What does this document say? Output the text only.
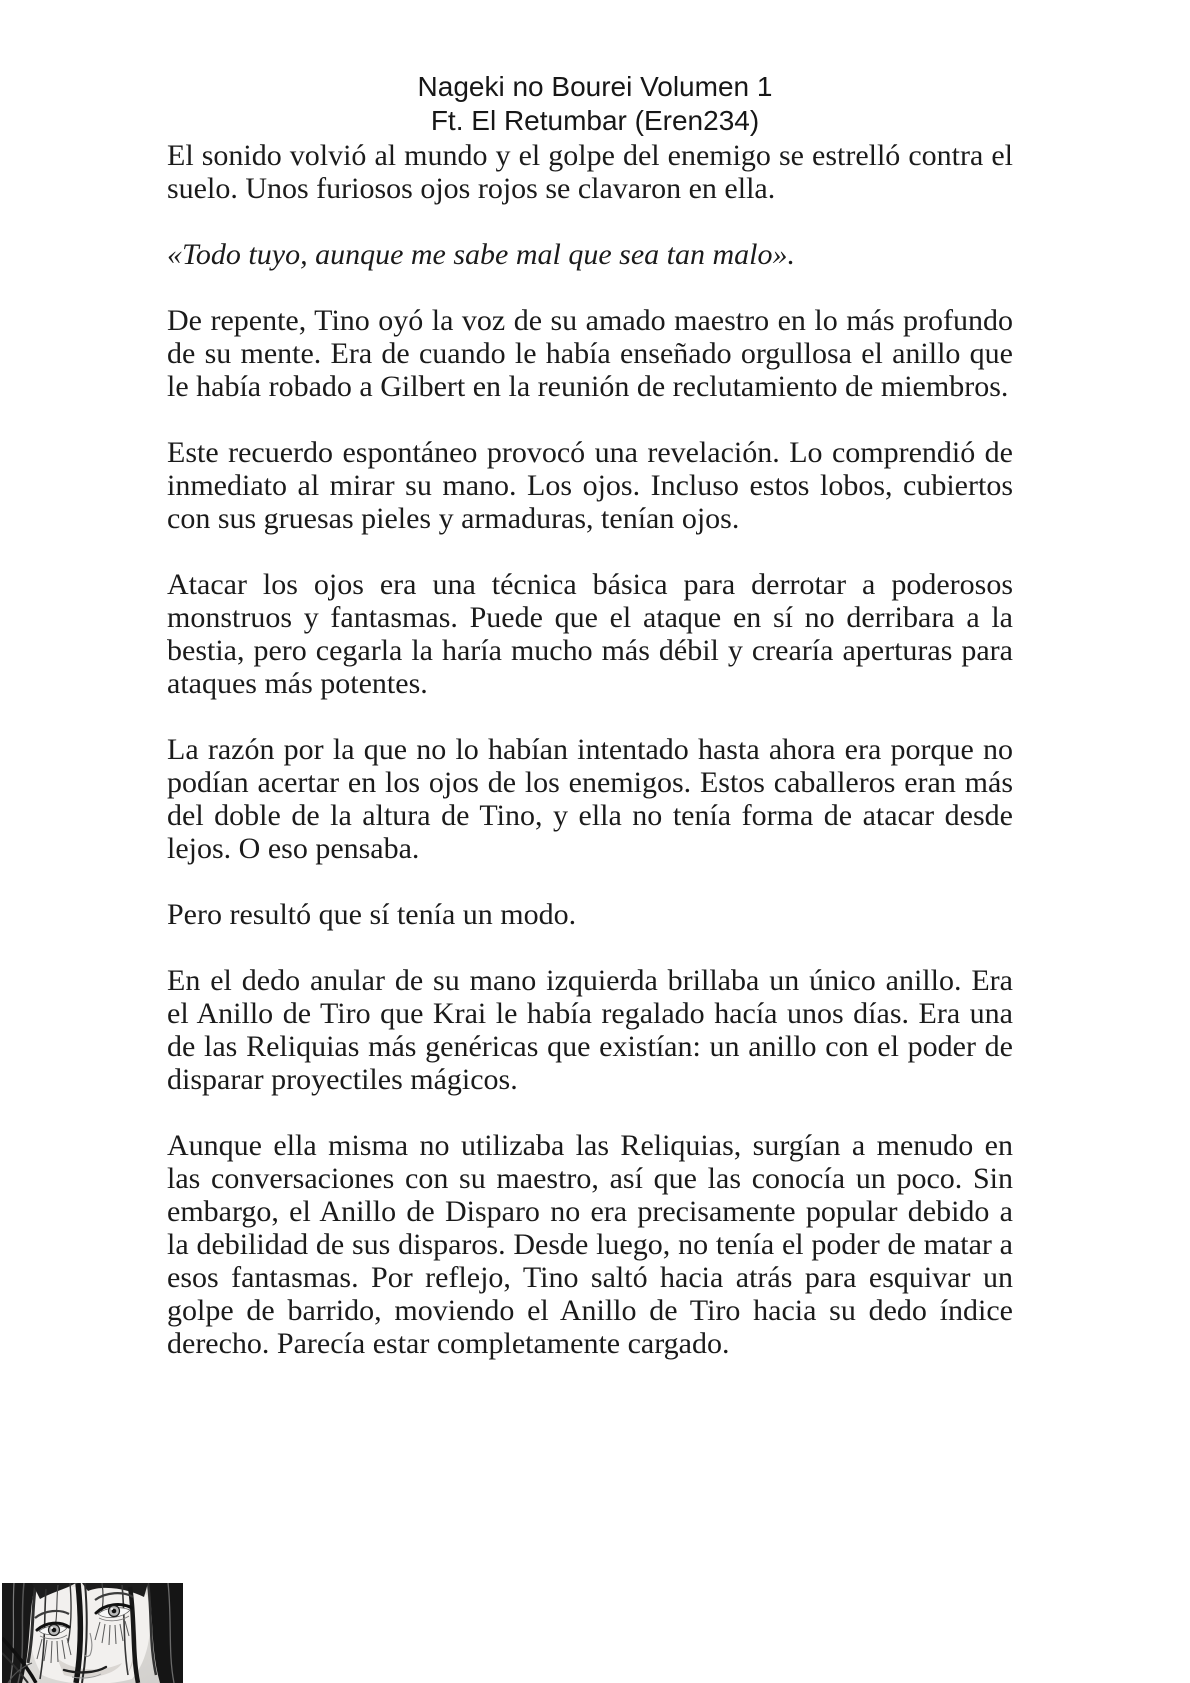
Nageki no Bourei Volumen 1
Ft. El Retumbar (Eren234)

El sonido volvió al mundo y el golpe del enemigo se estrelló contra el suelo. Unos furiosos ojos rojos se clavaron en ella.

«Todo tuyo, aunque me sabe mal que sea tan malo».

De repente, Tino oyó la voz de su amado maestro en lo más profundo de su mente. Era de cuando le había enseñado orgullosa el anillo que le había robado a Gilbert en la reunión de reclutamiento de miembros.

Este recuerdo espontáneo provocó una revelación. Lo comprendió de inmediato al mirar su mano. Los ojos. Incluso estos lobos, cubiertos con sus gruesas pieles y armaduras, tenían ojos.

Atacar los ojos era una técnica básica para derrotar a poderosos monstruos y fantasmas. Puede que el ataque en sí no derribara a la bestia, pero cegarla la haría mucho más débil y crearía aperturas para ataques más potentes.

La razón por la que no lo habían intentado hasta ahora era porque no podían acertar en los ojos de los enemigos. Estos caballeros eran más del doble de la altura de Tino, y ella no tenía forma de atacar desde lejos. O eso pensaba.

Pero resultó que sí tenía un modo.

En el dedo anular de su mano izquierda brillaba un único anillo. Era el Anillo de Tiro que Krai le había regalado hacía unos días. Era una de las Reliquias más genéricas que existían: un anillo con el poder de disparar proyectiles mágicos.

Aunque ella misma no utilizaba las Reliquias, surgían a menudo en las conversaciones con su maestro, así que las conocía un poco. Sin embargo, el Anillo de Disparo no era precisamente popular debido a la debilidad de sus disparos. Desde luego, no tenía el poder de matar a esos fantasmas. Por reflejo, Tino saltó hacia atrás para esquivar un golpe de barrido, moviendo el Anillo de Tiro hacia su dedo índice derecho. Parecía estar completamente cargado.
